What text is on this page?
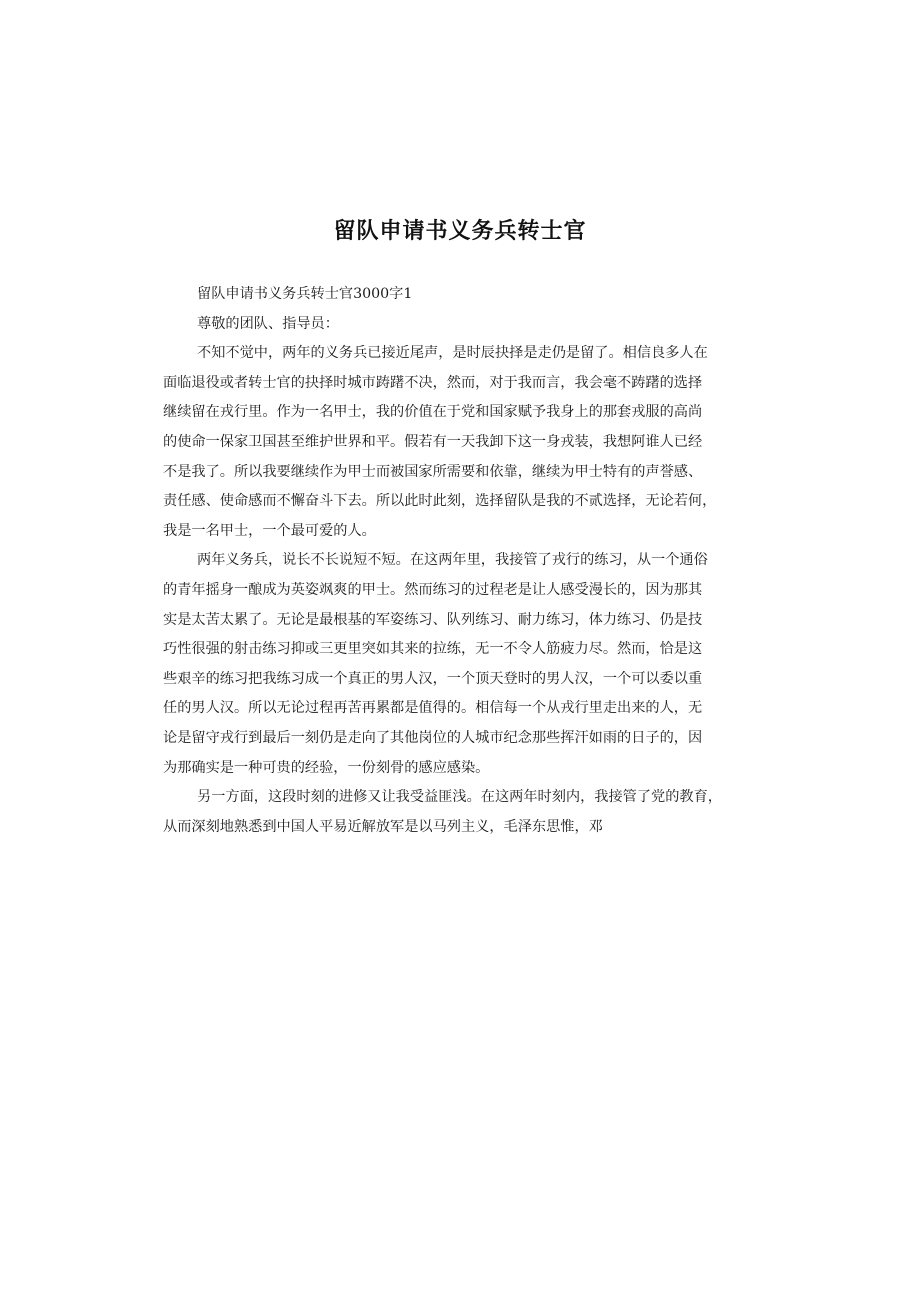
留队申请书义务兵转士官
留队申请书义务兵转士官3000字1
尊敬的团队、指导员：
不知不觉中，两年的义务兵已接近尾声，是时辰抉择是走仍是留了。相信良多人在
面临退役或者转士官的抉择时城市踌躇不决，然而，对于我而言，我会毫不踌躇的选择
继续留在戎行里。作为一名甲士，我的价值在于党和国家赋予我身上的那套戎服的高尚
的使命一保家卫国甚至维护世界和平。假若有一天我卸下这一身戎装，我想阿谁人已经
不是我了。所以我要继续作为甲士而被国家所需要和依靠，继续为甲士特有的声誉感、
责任感、使命感而不懈奋斗下去。所以此时此刻，选择留队是我的不贰选择，无论若何，
我是一名甲士，一个最可爱的人。
两年义务兵，说长不长说短不短。在这两年里，我接管了戎行的练习，从一个通俗
的青年摇身一酿成为英姿飒爽的甲士。然而练习的过程老是让人感受漫长的，因为那其
实是太苦太累了。无论是最根基的军姿练习、队列练习、耐力练习，体力练习、仍是技
巧性很强的射击练习抑或三更里突如其来的拉练，无一不令人筋疲力尽。然而，恰是这
些艰辛的练习把我练习成一个真正的男人汉，一个顶天登时的男人汉，一个可以委以重
任的男人汉。所以无论过程再苦再累都是值得的。相信每一个从戎行里走出来的人，无
论是留守戎行到最后一刻仍是走向了其他岗位的人城市纪念那些挥汗如雨的日子的，因
为那确实是一种可贵的经验，一份刻骨的感应感染。
另一方面，这段时刻的进修又让我受益匪浅。在这两年时刻内，我接管了党的教育，
从而深刻地熟悉到中国人平易近解放军是以马列主义，毛泽东思惟，邓
